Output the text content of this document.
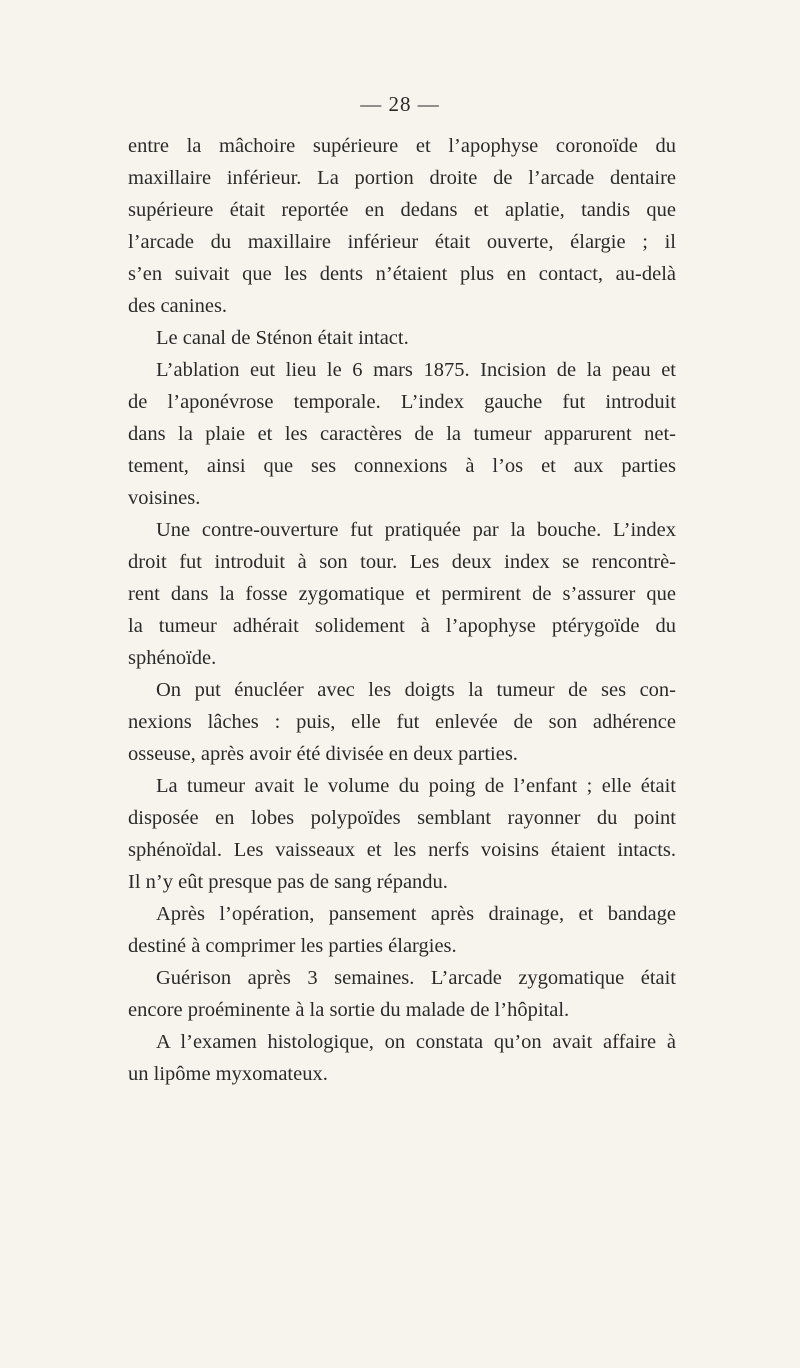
— 28 —
entre la mâchoire supérieure et l’apophyse coronoïde du
maxillaire inférieur. La portion droite de l’arcade dentaire
supérieure était reportée en dedans et aplatie, tandis que
l’arcade du maxillaire inférieur était ouverte, élargie ; il
s’en suivait que les dents n’étaient plus en contact, au-delà
des canines.
Le canal de Sténon était intact.
L’ablation eut lieu le 6 mars 1875. Incision de la peau et
de l’aponévrose temporale. L’index gauche fut introduit
dans la plaie et les caractères de la tumeur apparurent net-
tement, ainsi que ses connexions à l’os et aux parties
voisines.
Une contre-ouverture fut pratiquée par la bouche. L’index
droit fut introduit à son tour. Les deux index se rencontrè-
rent dans la fosse zygomatique et permirent de s’assurer que
la tumeur adhérait solidement à l’apophyse ptérygoïde du
sphénoïde.
On put énucléer avec les doigts la tumeur de ses con-
nexions lâches : puis, elle fut enlevée de son adhérence
osseuse, après avoir été divisée en deux parties.
La tumeur avait le volume du poing de l’enfant ; elle était
disposée en lobes polypoïdes semblant rayonner du point
sphénoïdal. Les vaisseaux et les nerfs voisins étaient intacts.
Il n’y eût presque pas de sang répandu.
Après l’opération, pansement après drainage, et bandage
destiné à comprimer les parties élargies.
Guérison après 3 semaines. L’arcade zygomatique était
encore proéminente à la sortie du malade de l’hôpital.
A l’examen histologique, on constata qu’on avait affaire à
un lipôme myxomateux.
